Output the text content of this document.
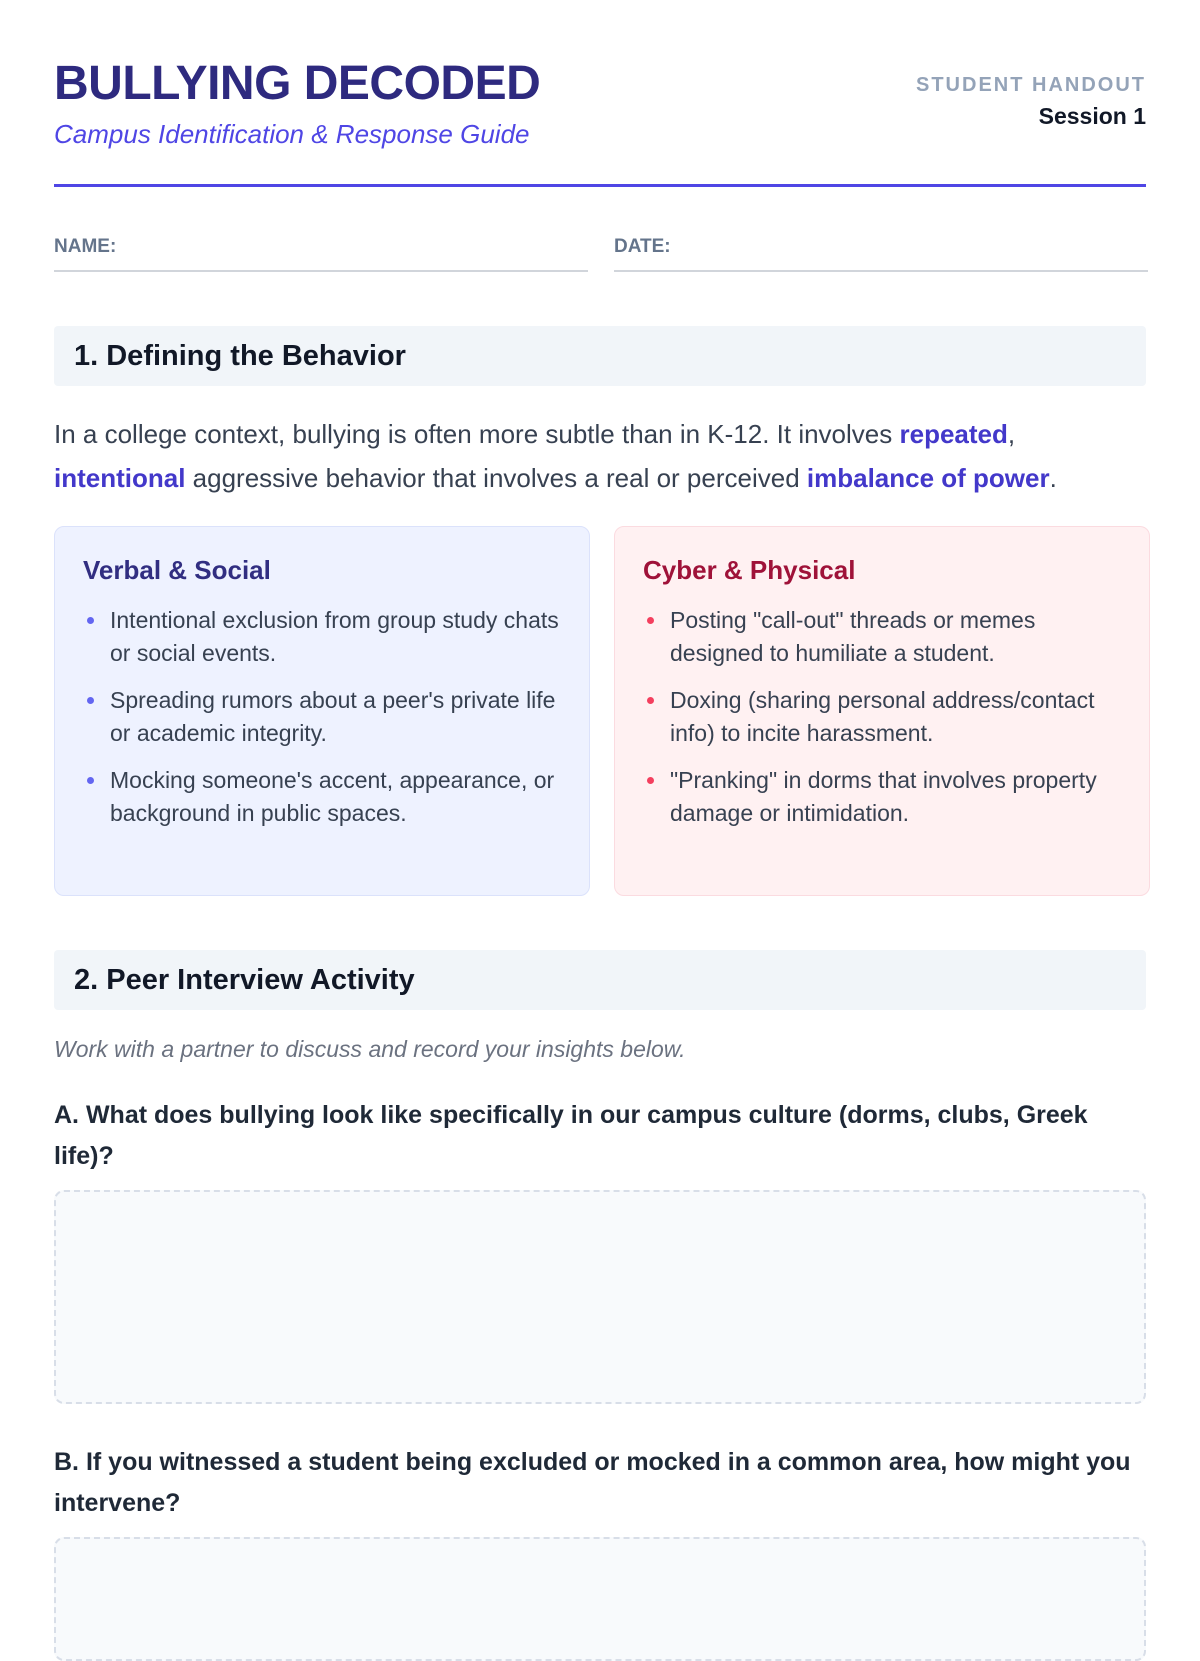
BULLYING DECODED
Campus Identification & Response Guide
STUDENT HANDOUT
Session 1
NAME:	DATE:
1. Defining the Behavior
In a college context, bullying is often more subtle than in K-12. It involves repeated, intentional aggressive behavior that involves a real or perceived imbalance of power.
Verbal & Social
Intentional exclusion from group study chats or social events.
Spreading rumors about a peer's private life or academic integrity.
Mocking someone's accent, appearance, or background in public spaces.
Cyber & Physical
Posting "call-out" threads or memes designed to humiliate a student.
Doxing (sharing personal address/contact info) to incite harassment.
"Pranking" in dorms that involves property damage or intimidation.
2. Peer Interview Activity
Work with a partner to discuss and record your insights below.
A. What does bullying look like specifically in our campus culture (dorms, clubs, Greek life)?
B. If you witnessed a student being excluded or mocked in a common area, how might you intervene?
